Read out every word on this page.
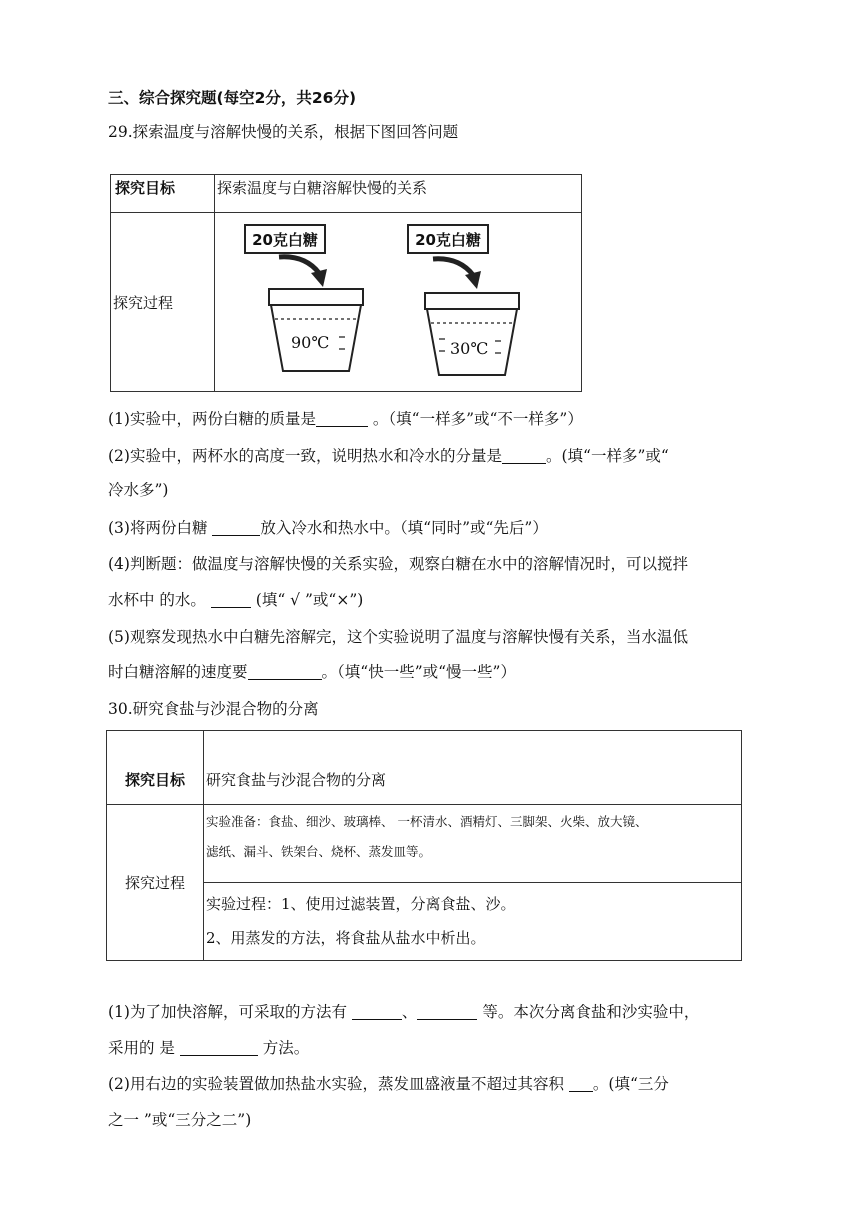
三、综合探究题(每空2分，共26分)
29.探索温度与溶解快慢的关系，根据下图回答问题
探究目标	探索温度与白糖溶解快慢的关系
探究过程	20克白糖
90℃
20克白糖
30℃
(1)实验中，两份白糖的质量是	。（填“一样多”或“不一样多”）
(2)实验中，两杯水的高度一致，说明热水和冷水的分量是	。(填“一样多”或“
冷水多”)
(3)将两份白糖	放入冷水和热水中。（填“同时”或“先后”）
(4)判断题：做温度与溶解快慢的关系实验，观察白糖在水中的溶解情况时，可以搅拌
水杯中 的水。	(填“ √ ”或“×”)
(5)观察发现热水中白糖先溶解完，这个实验说明了温度与溶解快慢有关系，当水温低
时白糖溶解的速度要	。（填“快一些”或“慢一些”）
30.研究食盐与沙混合物的分离
探究目标	研究食盐与沙混合物的分离
探究过程	实验准备：食盐、细沙、玻璃棒、 一杯清水、酒精灯、三脚架、火柴、放大镜、
滤纸、漏斗、铁架台、烧杯、蒸发皿等。

	实验过程：1、使用过滤装置，分离食盐、沙。
2、用蒸发的方法，将食盐从盐水中析出。
(1)为了加快溶解，可采取的方法有	、	等。本次分离食盐和沙实验中，
采用的 是	方法。
(2)用右边的实验装置做加热盐水实验，蒸发皿盛液量不超过其容积 。(填“三分
之一 ”或“三分之二”)
